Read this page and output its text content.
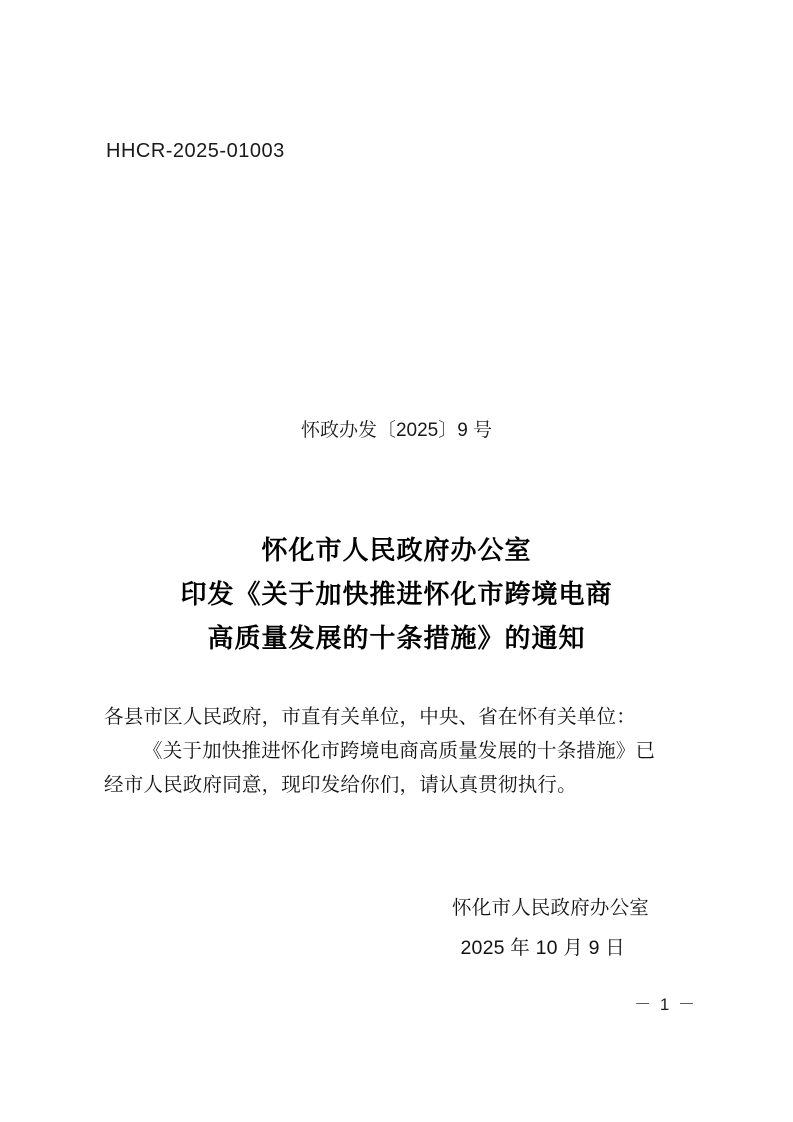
HHCR-2025-01003
怀政办发〔2025〕9 号
怀化市人民政府办公室
印发《关于加快推进怀化市跨境电商
高质量发展的十条措施》的通知
各县市区人民政府，市直有关单位，中央、省在怀有关单位：
《关于加快推进怀化市跨境电商高质量发展的十条措施》已
经市人民政府同意，现印发给你们，请认真贯彻执行。
怀化市人民政府办公室
2025 年 10 月 9 日
－ 1 －
